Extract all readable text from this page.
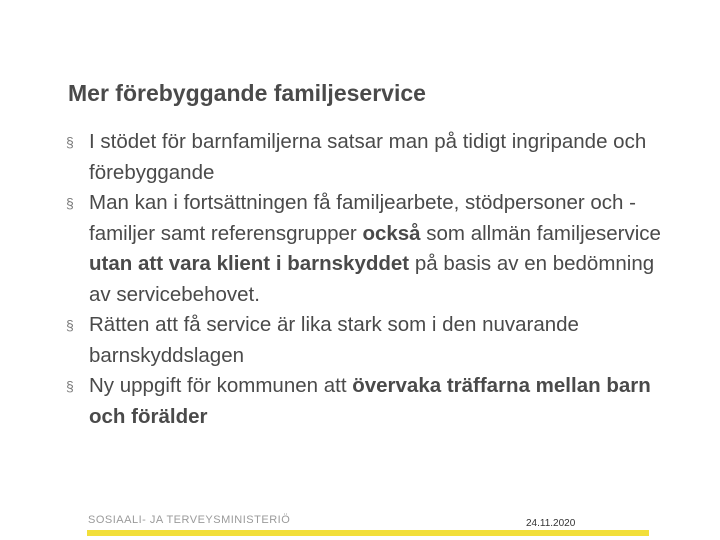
Mer förebyggande familjeservice
§ I stödet för barnfamiljerna satsar man på tidigt ingripande och förebyggande
§ Man kan i fortsättningen få familjearbete, stödpersoner och -familjer samt referensgrupper också som allmän familjeservice utan att vara klient i barnskyddet på basis av en bedömning av servicebehovet.
§ Rätten att få service är lika stark som i den nuvarande barnskyddslagen
§ Ny uppgift för kommunen att övervaka träffarna mellan barn och förälder
SOSIAALI- JA TERVEYSMINISTERIÖ	24.11.2020
